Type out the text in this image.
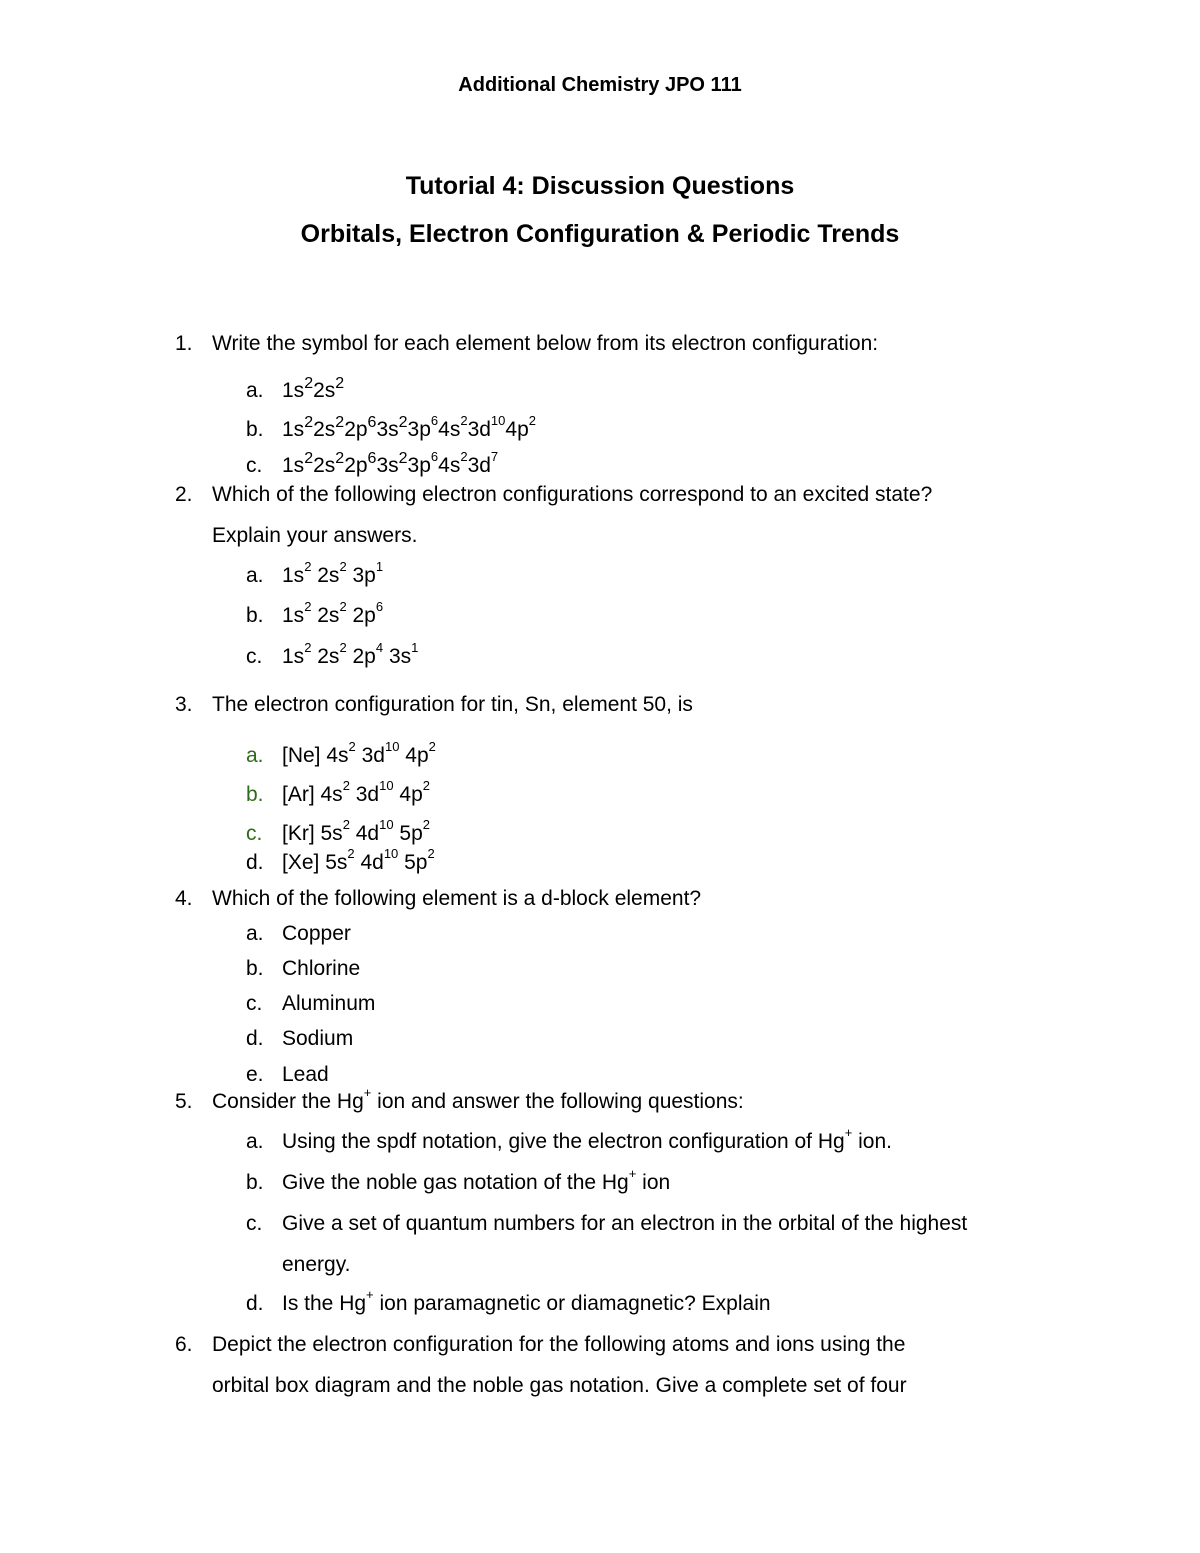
Additional Chemistry JPO 111
Tutorial 4: Discussion Questions
Orbitals, Electron Configuration & Periodic Trends
1. Write the symbol for each element below from its electron configuration:
a. $1s^22s^2$
b. $1s^22s^22p^63s^23p^64s^23d^{10}4p^2$
c. $1s^22s^22p^63s^23p^64s^23d^7$
2. Which of the following electron configurations correspond to an excited state?
Explain your answers.
a. $1s^2$ $2s^2$ $3p^1$
b. $1s^2$ $2s^2$ $2p^6$
c. $1s^2$ $2s^2$ $2p^4$ $3s^1$
3. The electron configuration for tin, Sn, element 50, is
a. [Ne] $4s^2$ $3d^{10}$ $4p^2$
b. [Ar] $4s^2$ $3d^{10}$ $4p^2$
c. [Kr] $5s^2$ $4d^{10}$ $5p^2$
d. [Xe] $5s^2$ $4d^{10}$ $5p^2$
4. Which of the following element is a d-block element?
a. Copper
b. Chlorine
c. Aluminum
d. Sodium
e. Lead
5. Consider the Hg+ ion and answer the following questions:
a. Using the spdf notation, give the electron configuration of Hg+ ion.
b. Give the noble gas notation of the Hg+ ion
c. Give a set of quantum numbers for an electron in the orbital of the highest
energy.
d. Is the Hg+ ion paramagnetic or diamagnetic? Explain
6. Depict the electron configuration for the following atoms and ions using the
orbital box diagram and the noble gas notation. Give a complete set of four
